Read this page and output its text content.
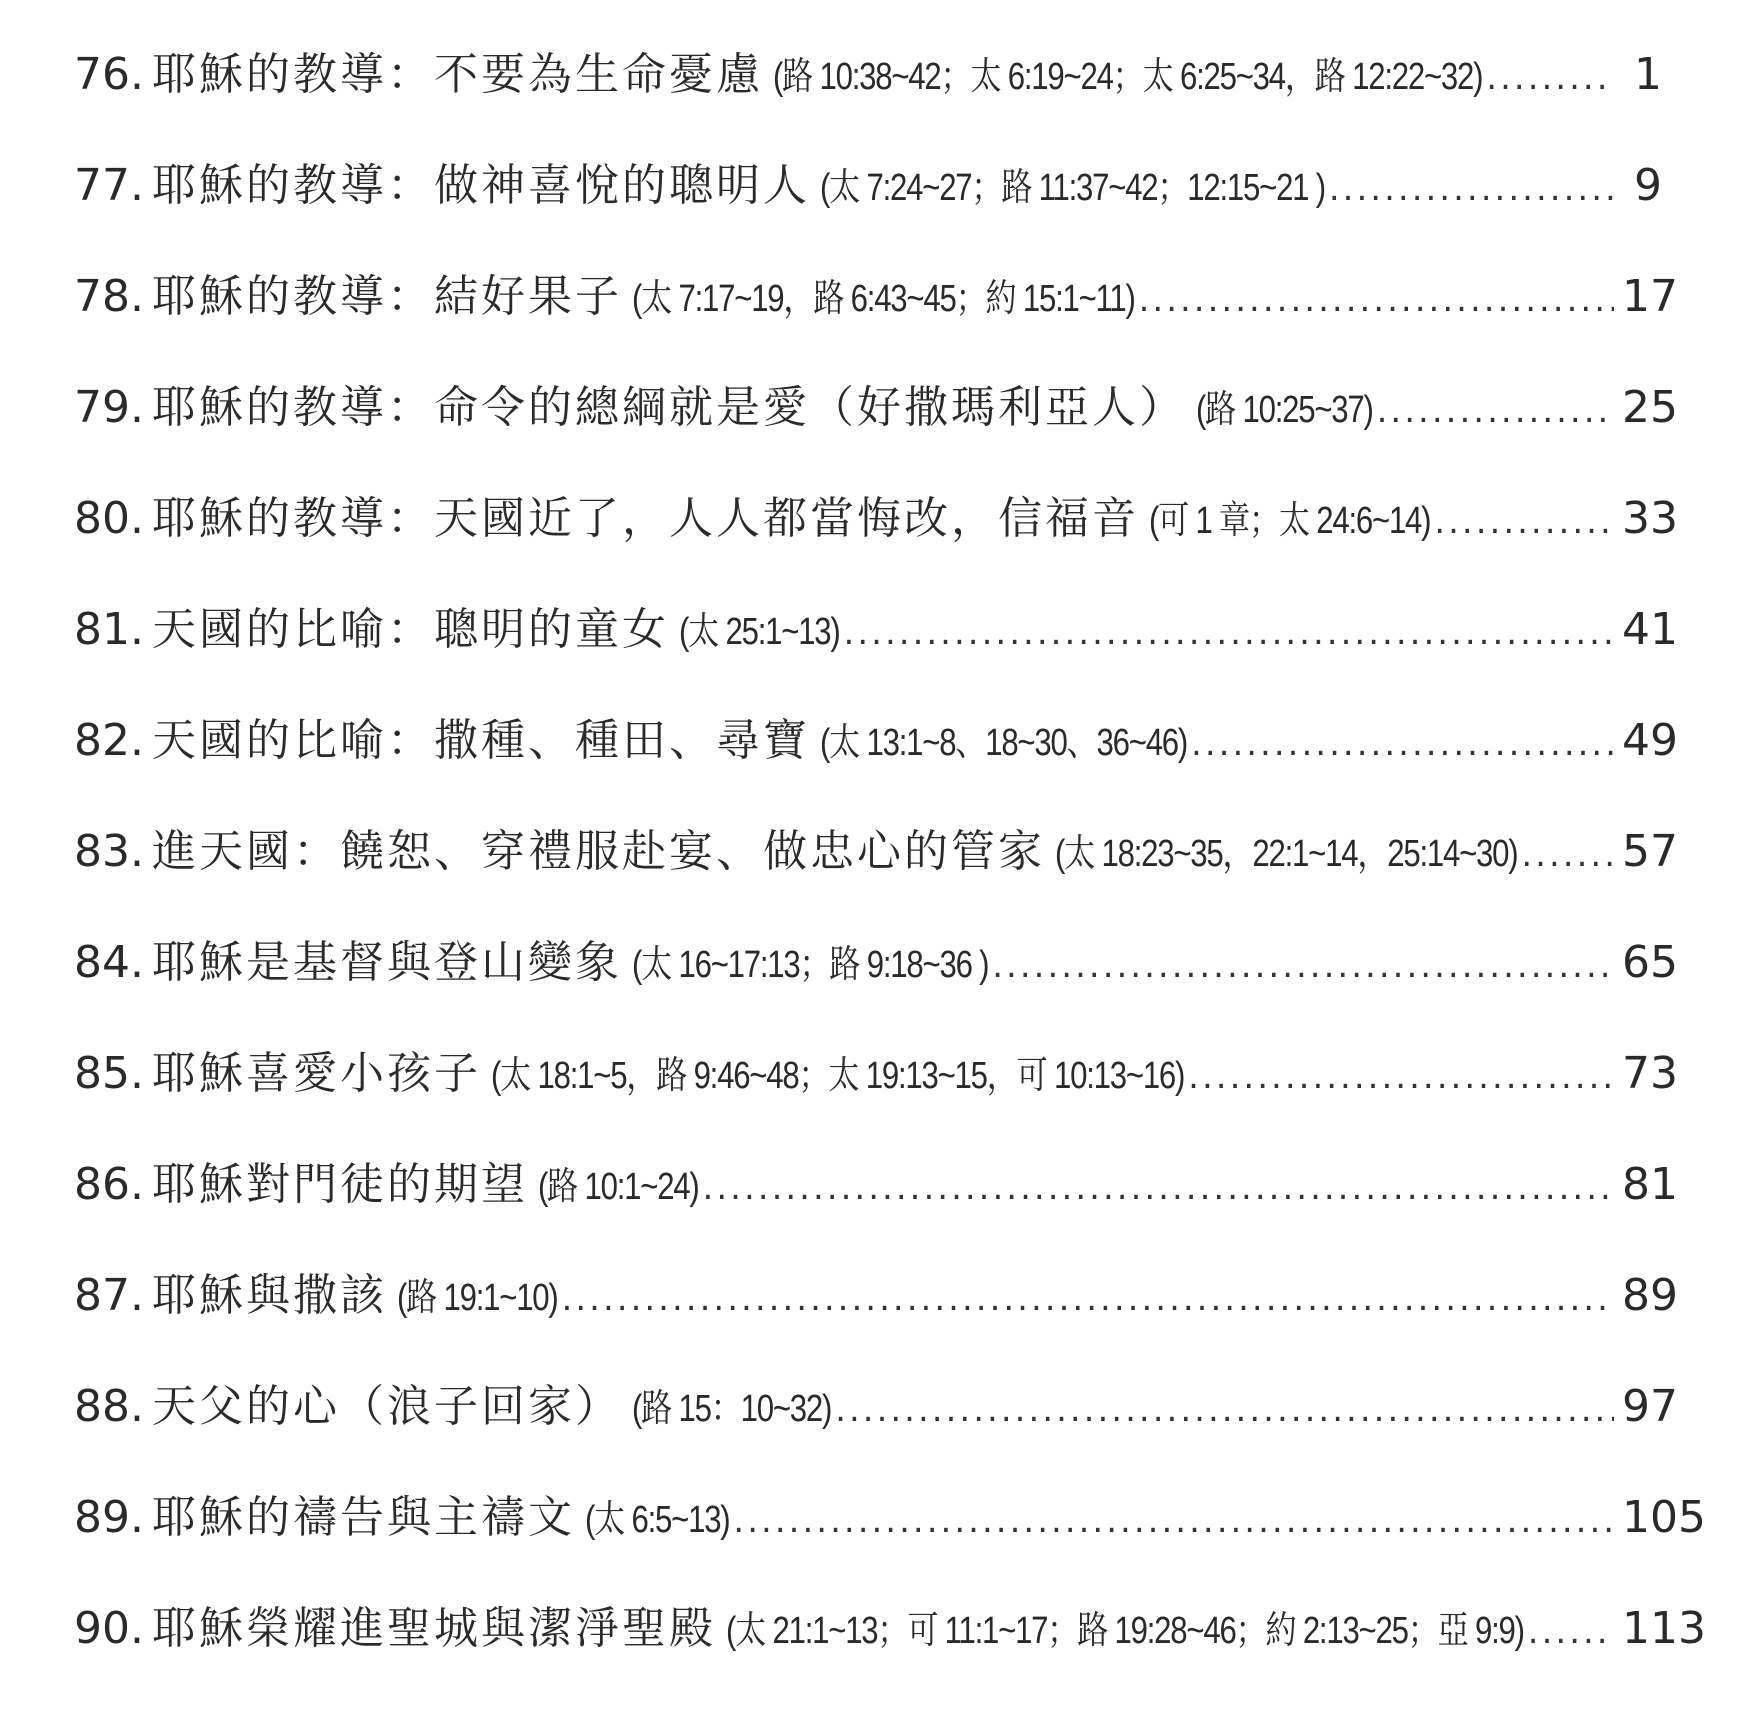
76. 耶穌的教導：不要為生命憂慮 (路 10:38~42；太 6:19~24；太 6:25~34，路 12:22~32) .....	1
77. 耶穌的教導：做神喜悅的聰明人 (太 7:24~27；路 11:37~42；12:15~21 ) .....	9
78. 耶穌的教導：結好果子 (太 7:17~19，路 6:43~45；約 15:1~11) .....	17
79. 耶穌的教導：命令的總綱就是愛（好撒瑪利亞人） (路 10:25~37) .....	25
80. 耶穌的教導：天國近了，人人都當悔改，信福音 (可 1 章；太 24:6~14) .....	33
81. 天國的比喻：聰明的童女 (太 25:1~13) .....	41
82. 天國的比喻：撒種、種田、尋寶 (太 13:1~8、18~30、36~46) .....	49
83. 進天國：饒恕、穿禮服赴宴、做忠心的管家 (太 18:23~35，22:1~14，25:14~30) ..... 57
84. 耶穌是基督與登山變象 (太 16~17:13；路 9:18~36 ) .....	65
85. 耶穌喜愛小孩子 (太 18:1~5，路 9:46~48；太 19:13~15，可 10:13~16) .....	73
86. 耶穌對門徒的期望 (路 10:1~24) .....	81
87. 耶穌與撒該 (路 19:1~10) .....	89
88. 天父的心（浪子回家） (路 15：10~32) .....	97
89. 耶穌的禱告與主禱文 (太 6:5~13) .....	105
90. 耶穌榮耀進聖城與潔淨聖殿 (太 21:1~13；可 11:1~17；路 19:28~46；約 2:13~25；亞 9:9) ..... 113
